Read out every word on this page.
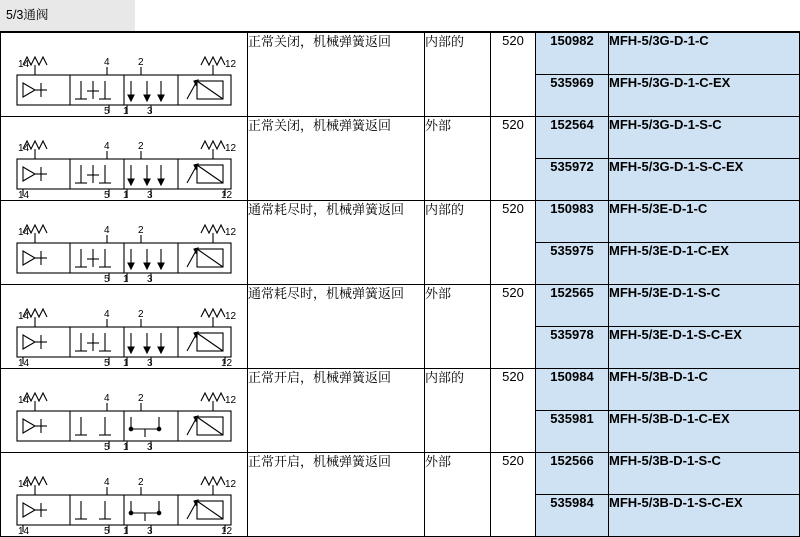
5/3通阀
14	4	2	12
5 1 3
	正常关闭，机械弹簧返回	内部的	520	150982	MFH-5/3G-D-1-C
				535969	MFH-5/3G-D-1-C-EX

14	4	2	12
14	5 1 3	12
	正常关闭，机械弹簧返回	外部	520	152564	MFH-5/3G-D-1-S-C
				535972	MFH-5/3G-D-1-S-C-EX

14	4	2	12
5 1 3
	通常耗尽时，机械弹簧返回	内部的	520	150983	MFH-5/3E-D-1-C
				535975	MFH-5/3E-D-1-C-EX

14	4	2	12
14	5 1 3	12
	通常耗尽时，机械弹簧返回	外部	520	152565	MFH-5/3E-D-1-S-C
				535978	MFH-5/3E-D-1-S-C-EX

14	4	2	12
5 1 3
	正常开启，机械弹簧返回	内部的	520	150984	MFH-5/3B-D-1-C
				535981	MFH-5/3B-D-1-C-EX

14	4	2	12
14	5 1 3	12
	正常开启，机械弹簧返回	外部	520	152566	MFH-5/3B-D-1-S-C
				535984	MFH-5/3B-D-1-S-C-EX
